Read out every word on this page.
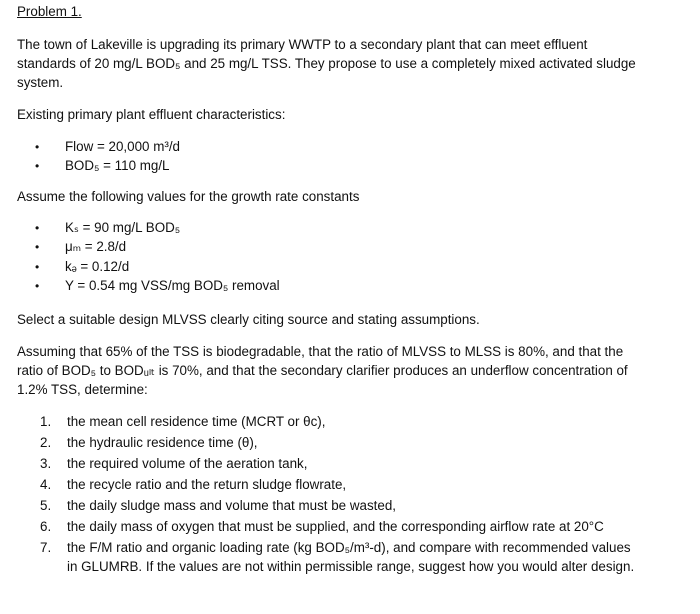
Problem 1.
The town of Lakeville is upgrading its primary WWTP to a secondary plant that can meet effluent
standards of 20 mg/L BOD₅ and 25 mg/L TSS. They propose to use a completely mixed activated sludge
system.
Existing primary plant effluent characteristics:
• Flow = 20,000 m³/d
• BOD₅ = 110 mg/L
Assume the following values for the growth rate constants
• Kₛ = 90 mg/L BOD₅
• μₘ = 2.8/d
• kₔ = 0.12/d
• Y = 0.54 mg VSS/mg BOD₅ removal
Select a suitable design MLVSS clearly citing source and stating assumptions.
Assuming that 65% of the TSS is biodegradable, that the ratio of MLVSS to MLSS is 80%, and that the
ratio of BOD₅ to BODᵤₗₜ is 70%, and that the secondary clarifier produces an underflow concentration of
1.2% TSS, determine:
1. the mean cell residence time (MCRT or θc),
2. the hydraulic residence time (θ),
3. the required volume of the aeration tank,
4. the recycle ratio and the return sludge flowrate,
5. the daily sludge mass and volume that must be wasted,
6. the daily mass of oxygen that must be supplied, and the corresponding airflow rate at 20°C
7. the F/M ratio and organic loading rate (kg BOD₅/m³-d), and compare with recommended values
in GLUMRB. If the values are not within permissible range, suggest how you would alter design.
